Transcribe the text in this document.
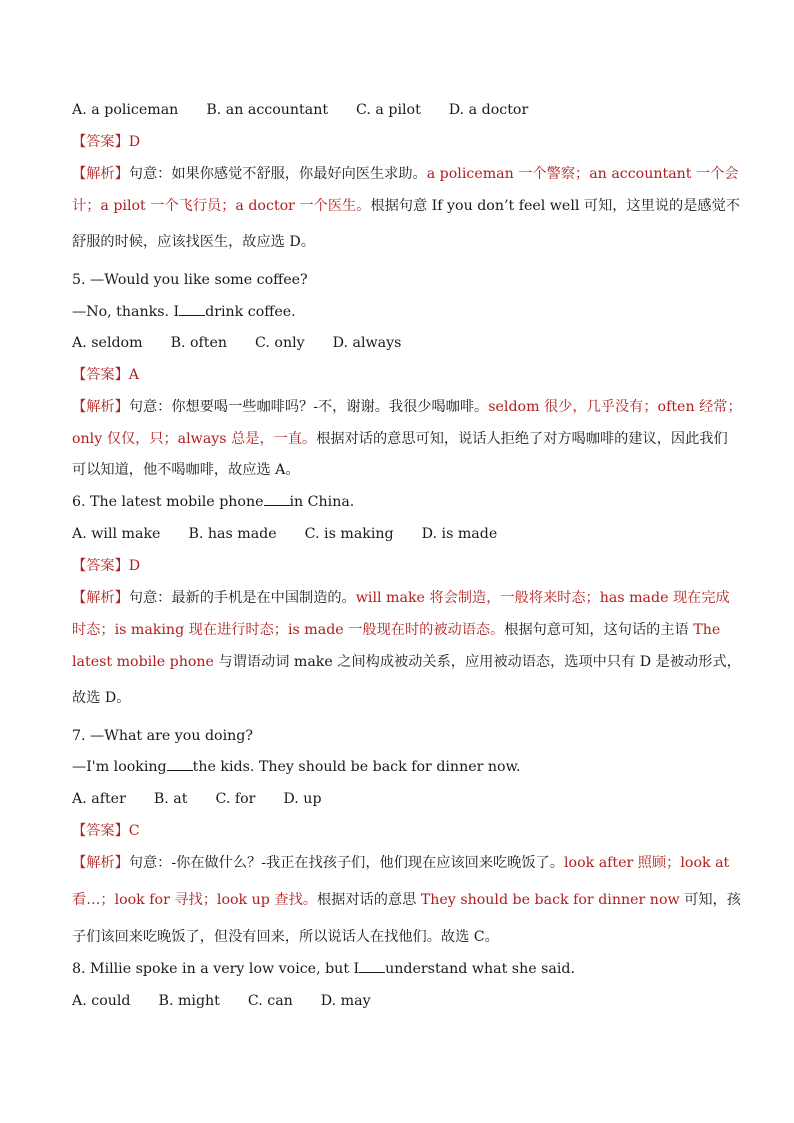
A. a policeman B. an accountant C. a pilot D. a doctor
【答案】D
【解析】句意：如果你感觉不舒服，你最好向医生求助。a policeman 一个警察；an accountant 一个会
计；a pilot 一个飞行员；a doctor 一个医生。根据句意 If you don’t feel well 可知，这里说的是感觉不
舒服的时候，应该找医生，故应选 D。
5. —Would you like some coffee?
—No, thanks. I drink coffee.
A. seldom B. often C. only D. always
【答案】A
【解析】句意：你想要喝一些咖啡吗？-不，谢谢。我很少喝咖啡。seldom 很少，几乎没有；often 经常；
only 仅仅，只；always 总是，一直。根据对话的意思可知，说话人拒绝了对方喝咖啡的建议，因此我们
可以知道，他不喝咖啡，故应选 A。
6. The latest mobile phone in China.
A. will make B. has made C. is making D. is made
【答案】D
【解析】句意：最新的手机是在中国制造的。will make 将会制造，一般将来时态；has made 现在完成
时态；is making 现在进行时态；is made 一般现在时的被动语态。根据句意可知，这句话的主语 The
latest mobile phone 与谓语动词 make 之间构成被动关系，应用被动语态，选项中只有 D 是被动形式，
故选 D。
7. —What are you doing?
—I'm looking the kids. They should be back for dinner now.
A. after B. at C. for D. up
【答案】C
【解析】句意：-你在做什么？-我正在找孩子们，他们现在应该回来吃晚饭了。look after 照顾；look at
看…；look for 寻找；look up 查找。根据对话的意思 They should be back for dinner now 可知，孩
子们该回来吃晚饭了，但没有回来，所以说话人在找他们。故选 C。
8. Millie spoke in a very low voice, but I understand what she said.
A. could B. might C. can D. may
